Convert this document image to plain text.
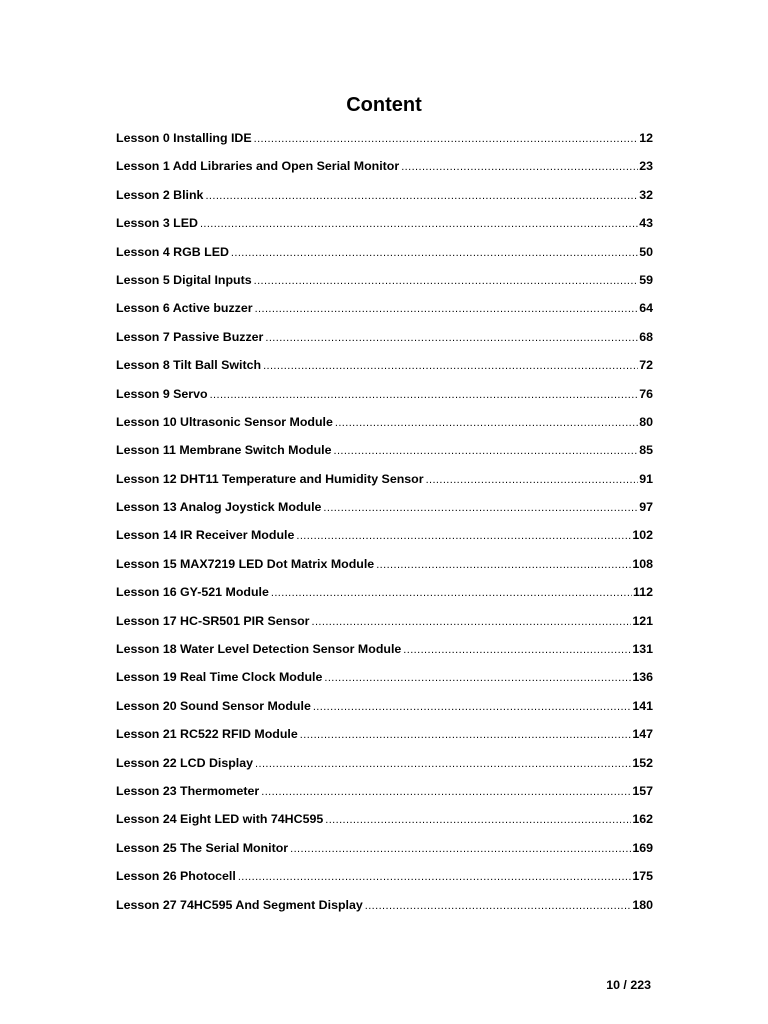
Content
Lesson 0 Installing IDE .....	12
Lesson 1 Add Libraries and Open Serial Monitor .....	23
Lesson 2 Blink .....	32
Lesson 3 LED .....	43
Lesson 4 RGB LED .....	50
Lesson 5 Digital Inputs .....	59
Lesson 6 Active buzzer .....	64
Lesson 7 Passive Buzzer .....	68
Lesson 8 Tilt Ball Switch .....	72
Lesson 9 Servo .....	76
Lesson 10 Ultrasonic Sensor Module .....	80
Lesson 11 Membrane Switch Module .....	85
Lesson 12 DHT11 Temperature and Humidity Sensor .....	91
Lesson 13 Analog Joystick Module .....	97
Lesson 14 IR Receiver Module .....	102
Lesson 15 MAX7219 LED Dot Matrix Module .....	108
Lesson 16 GY-521 Module .....	112
Lesson 17 HC-SR501 PIR Sensor .....	121
Lesson 18 Water Level Detection Sensor Module .....	131
Lesson 19 Real Time Clock Module .....	136
Lesson 20 Sound Sensor Module .....	141
Lesson 21 RC522 RFID Module .....	147
Lesson 22 LCD Display .....	152
Lesson 23 Thermometer .....	157
Lesson 24 Eight LED with 74HC595 .....	162
Lesson 25 The Serial Monitor .....	169
Lesson 26 Photocell .....	175
Lesson 27 74HC595 And Segment Display .....	180
10 / 223
